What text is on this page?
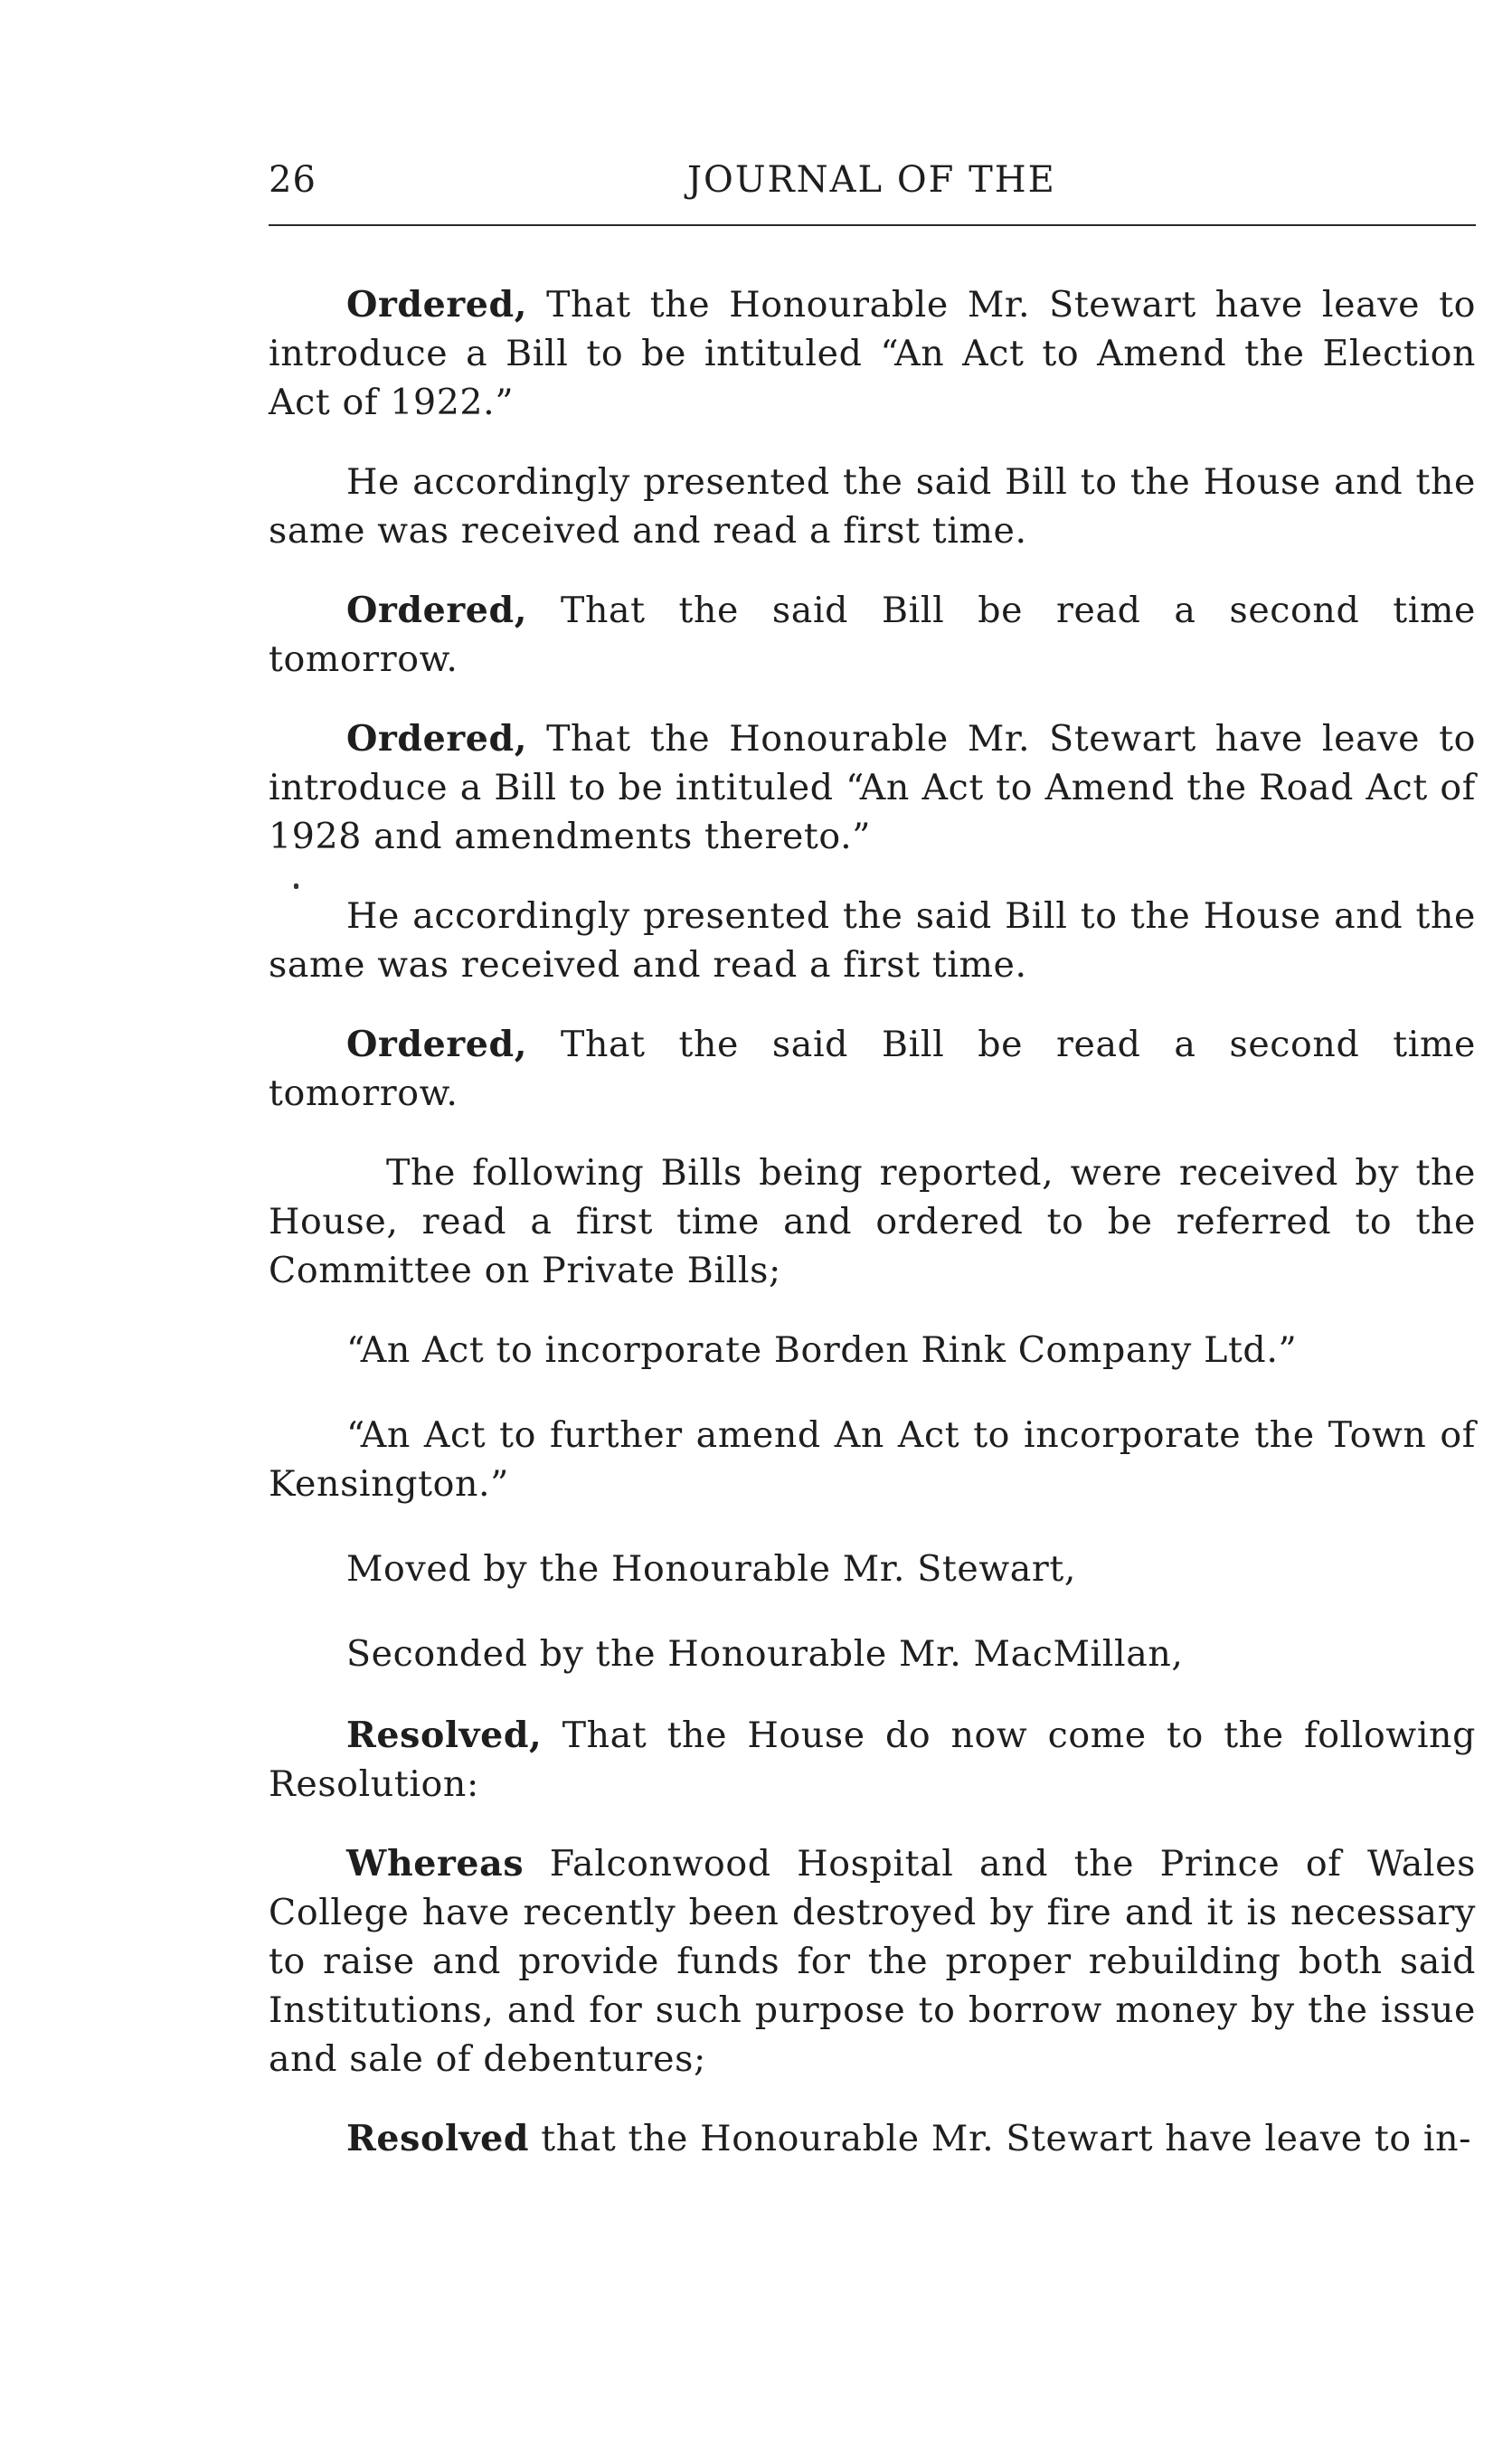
26	JOURNAL OF THE

Ordered, That the Honourable Mr. Stewart have leave to introduce a Bill to be intituled “An Act to Amend the Election Act of 1922.”

He accordingly presented the said Bill to the House and the same was received and read a first time.

Ordered, That the said Bill be read a second time tomorrow.

Ordered, That the Honourable Mr. Stewart have leave to introduce a Bill to be intituled “An Act to Amend the Road Act of 1928 and amendments thereto.”

He accordingly presented the said Bill to the House and the same was received and read a first time.

Ordered, That the said Bill be read a second time tomorrow.

The following Bills being reported, were received by the House, read a first time and ordered to be referred to the Committee on Private Bills;

“An Act to incorporate Borden Rink Company Ltd.”

“An Act to further amend An Act to incorporate the Town of Kensington.”

Moved by the Honourable Mr. Stewart,

Seconded by the Honourable Mr. MacMillan,

Resolved, That the House do now come to the following Resolution:

Whereas Falconwood Hospital and the Prince of Wales College have recently been destroyed by fire and it is necessary to raise and provide funds for the proper rebuilding both said Institutions, and for such purpose to borrow money by the issue and sale of debentures;

Resolved that the Honourable Mr. Stewart have leave to in-
